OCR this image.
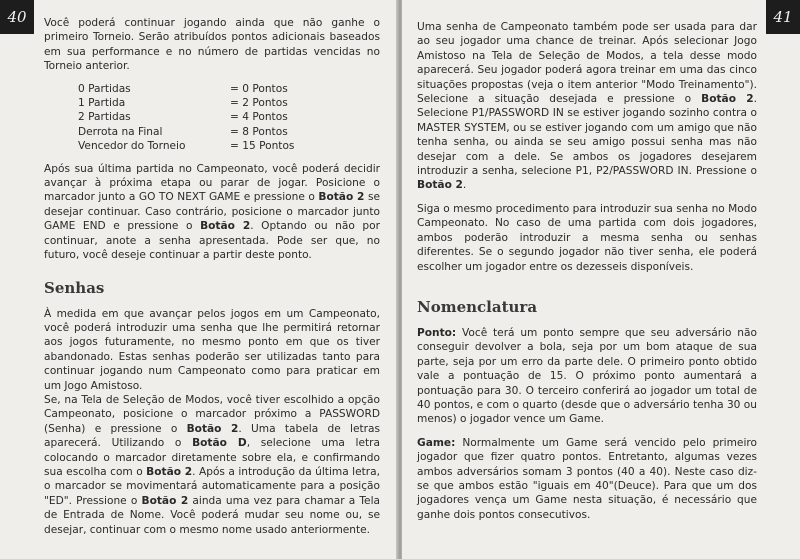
40	Você poderá continuar jogando ainda que não ganhe o primeiro Torneio. Serão atribuídos pontos adicionais baseados em sua performance e no número de partidas vencidas no Torneio anterior.

0 Partidas	= 0 Pontos
1 Partida	= 2 Pontos
2 Partidas	= 4 Pontos
Derrota na Final	= 8 Pontos
Vencedor do Torneio	= 15 Pontos

Após sua última partida no Campeonato, você poderá decidir avançar à próxima etapa ou parar de jogar. Posicione o marcador junto a GO TO NEXT GAME e pressione o Botão 2 se desejar continuar. Caso contrário, posicione o marcador junto GAME END e pressione o Botão 2. Optando ou não por continuar, anote a senha apresentada. Pode ser que, no futuro, você deseje continuar a partir deste ponto.

Senhas

À medida em que avançar pelos jogos em um Campeonato, você poderá introduzir uma senha que lhe permitirá retornar aos jogos futuramente, no mesmo ponto em que os tiver abandonado. Estas senhas poderão ser utilizadas tanto para continuar jogando num Campeonato como para praticar em um Jogo Amistoso.

Se, na Tela de Seleção de Modos, você tiver escolhido a opção Campeonato, posicione o marcador próximo a PASSWORD (Senha) e pressione o Botão 2. Uma tabela de letras aparecerá. Utilizando o Botão D, selecione uma letra colocando o marcador diretamente sobre ela, e confirmando sua escolha com o Botão 2. Após a introdução da última letra, o marcador se movimentará automaticamente para a posição "ED". Pressione o Botão 2 ainda uma vez para chamar a Tela de Entrada de Nome. Você poderá mudar seu nome ou, se desejar, continuar com o mesmo nome usado anteriormente.

41

Uma senha de Campeonato também pode ser usada para dar ao seu jogador uma chance de treinar. Após selecionar Jogo Amistoso na Tela de Seleção de Modos, a tela desse modo aparecerá. Seu jogador poderá agora treinar em uma das cinco situações propostas (veja o item anterior "Modo Treinamento"). Selecione a situação desejada e pressione o Botão 2. Selecione P1/PASSWORD IN se estiver jogando sozinho contra o MASTER SYSTEM, ou se estiver jogando com um amigo que não tenha senha, ou ainda se seu amigo possui senha mas não desejar com a dele. Se ambos os jogadores desejarem introduzir a senha, selecione P1, P2/PASSWORD IN. Pressione o Botão 2.

Siga o mesmo procedimento para introduzir sua senha no Modo Campeonato. No caso de uma partida com dois jogadores, ambos poderão introduzir a mesma senha ou senhas diferentes. Se o segundo jogador não tiver senha, ele poderá escolher um jogador entre os dezesseis disponíveis.

Nomenclatura

Ponto: Você terá um ponto sempre que seu adversário não conseguir devolver a bola, seja por um bom ataque de sua parte, seja por um erro da parte dele. O primeiro ponto obtido vale a pontuação de 15. O próximo ponto aumentará a pontuação para 30. O terceiro conferirá ao jogador um total de 40 pontos, e com o quarto (desde que o adversário tenha 30 ou menos) o jogador vence um Game.

Game: Normalmente um Game será vencido pelo primeiro jogador que fizer quatro pontos. Entretanto, algumas vezes ambos adversários somam 3 pontos (40 a 40). Neste caso diz-se que ambos estão "iguais em 40"(Deuce). Para que um dos jogadores vença um Game nesta situação, é necessário que ganhe dois pontos consecutivos.
